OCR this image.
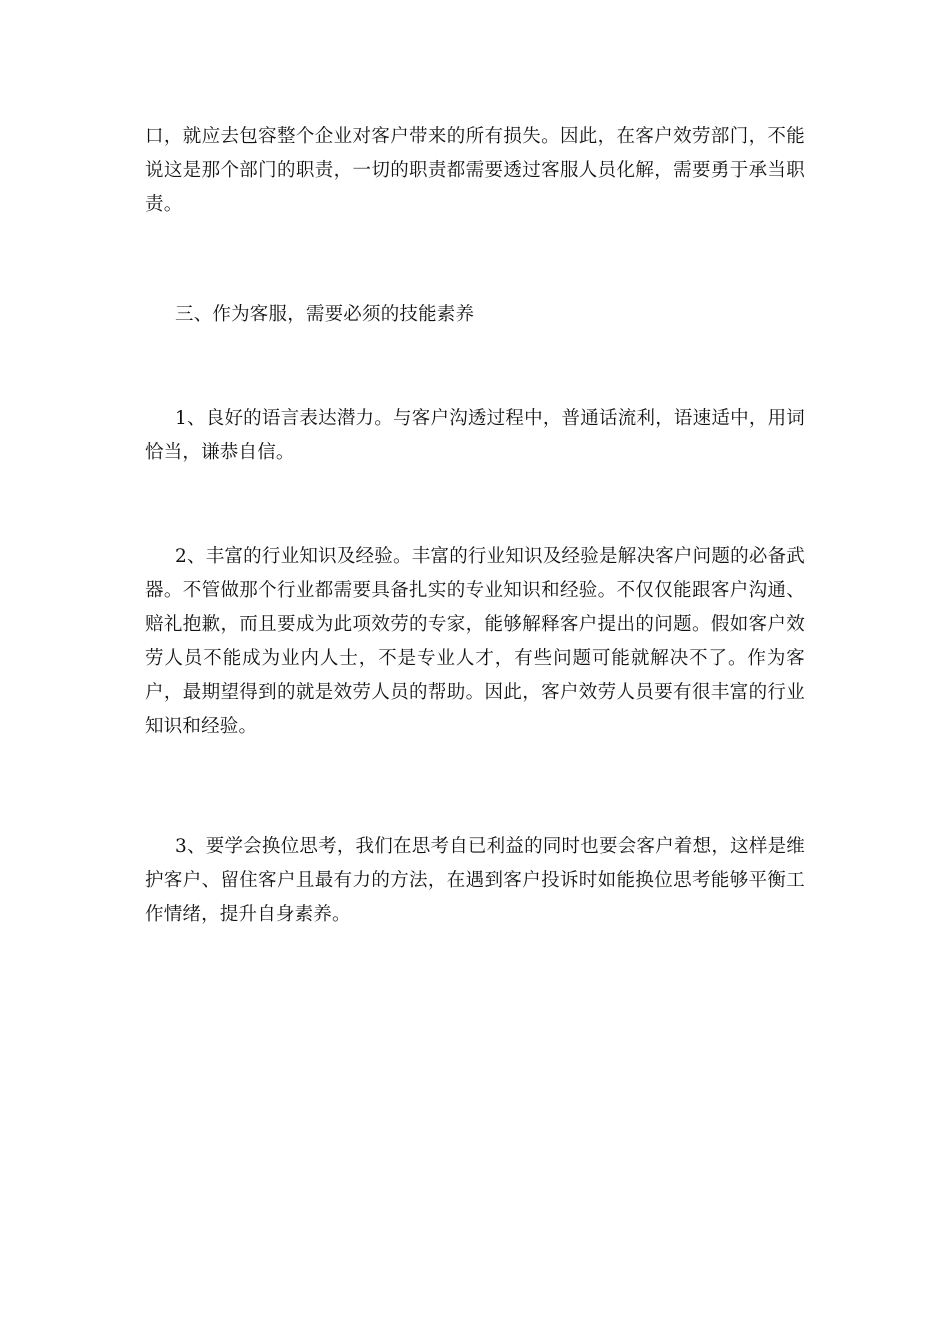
口，就应去包容整个企业对客户带来的所有损失。因此，在客户效劳部门，不能说这是那个部门的职责，一切的职责都需要透过客服人员化解，需要勇于承当职责。

三、作为客服，需要必须的技能素养

1、良好的语言表达潜力。与客户沟透过程中，普通话流利，语速适中，用词恰当，谦恭自信。

2、丰富的行业知识及经验。丰富的行业知识及经验是解决客户问题的必备武器。不管做那个行业都需要具备扎实的专业知识和经验。不仅仅能跟客户沟通、赔礼抱歉，而且要成为此项效劳的专家，能够解释客户提出的问题。假如客户效劳人员不能成为业内人士，不是专业人才，有些问题可能就解决不了。作为客户，最期望得到的就是效劳人员的帮助。因此，客户效劳人员要有很丰富的行业知识和经验。

3、要学会换位思考，我们在思考自已利益的同时也要会客户着想，这样是维护客户、留住客户且最有力的方法，在遇到客户投诉时如能换位思考能够平衡工作情绪，提升自身素养。
